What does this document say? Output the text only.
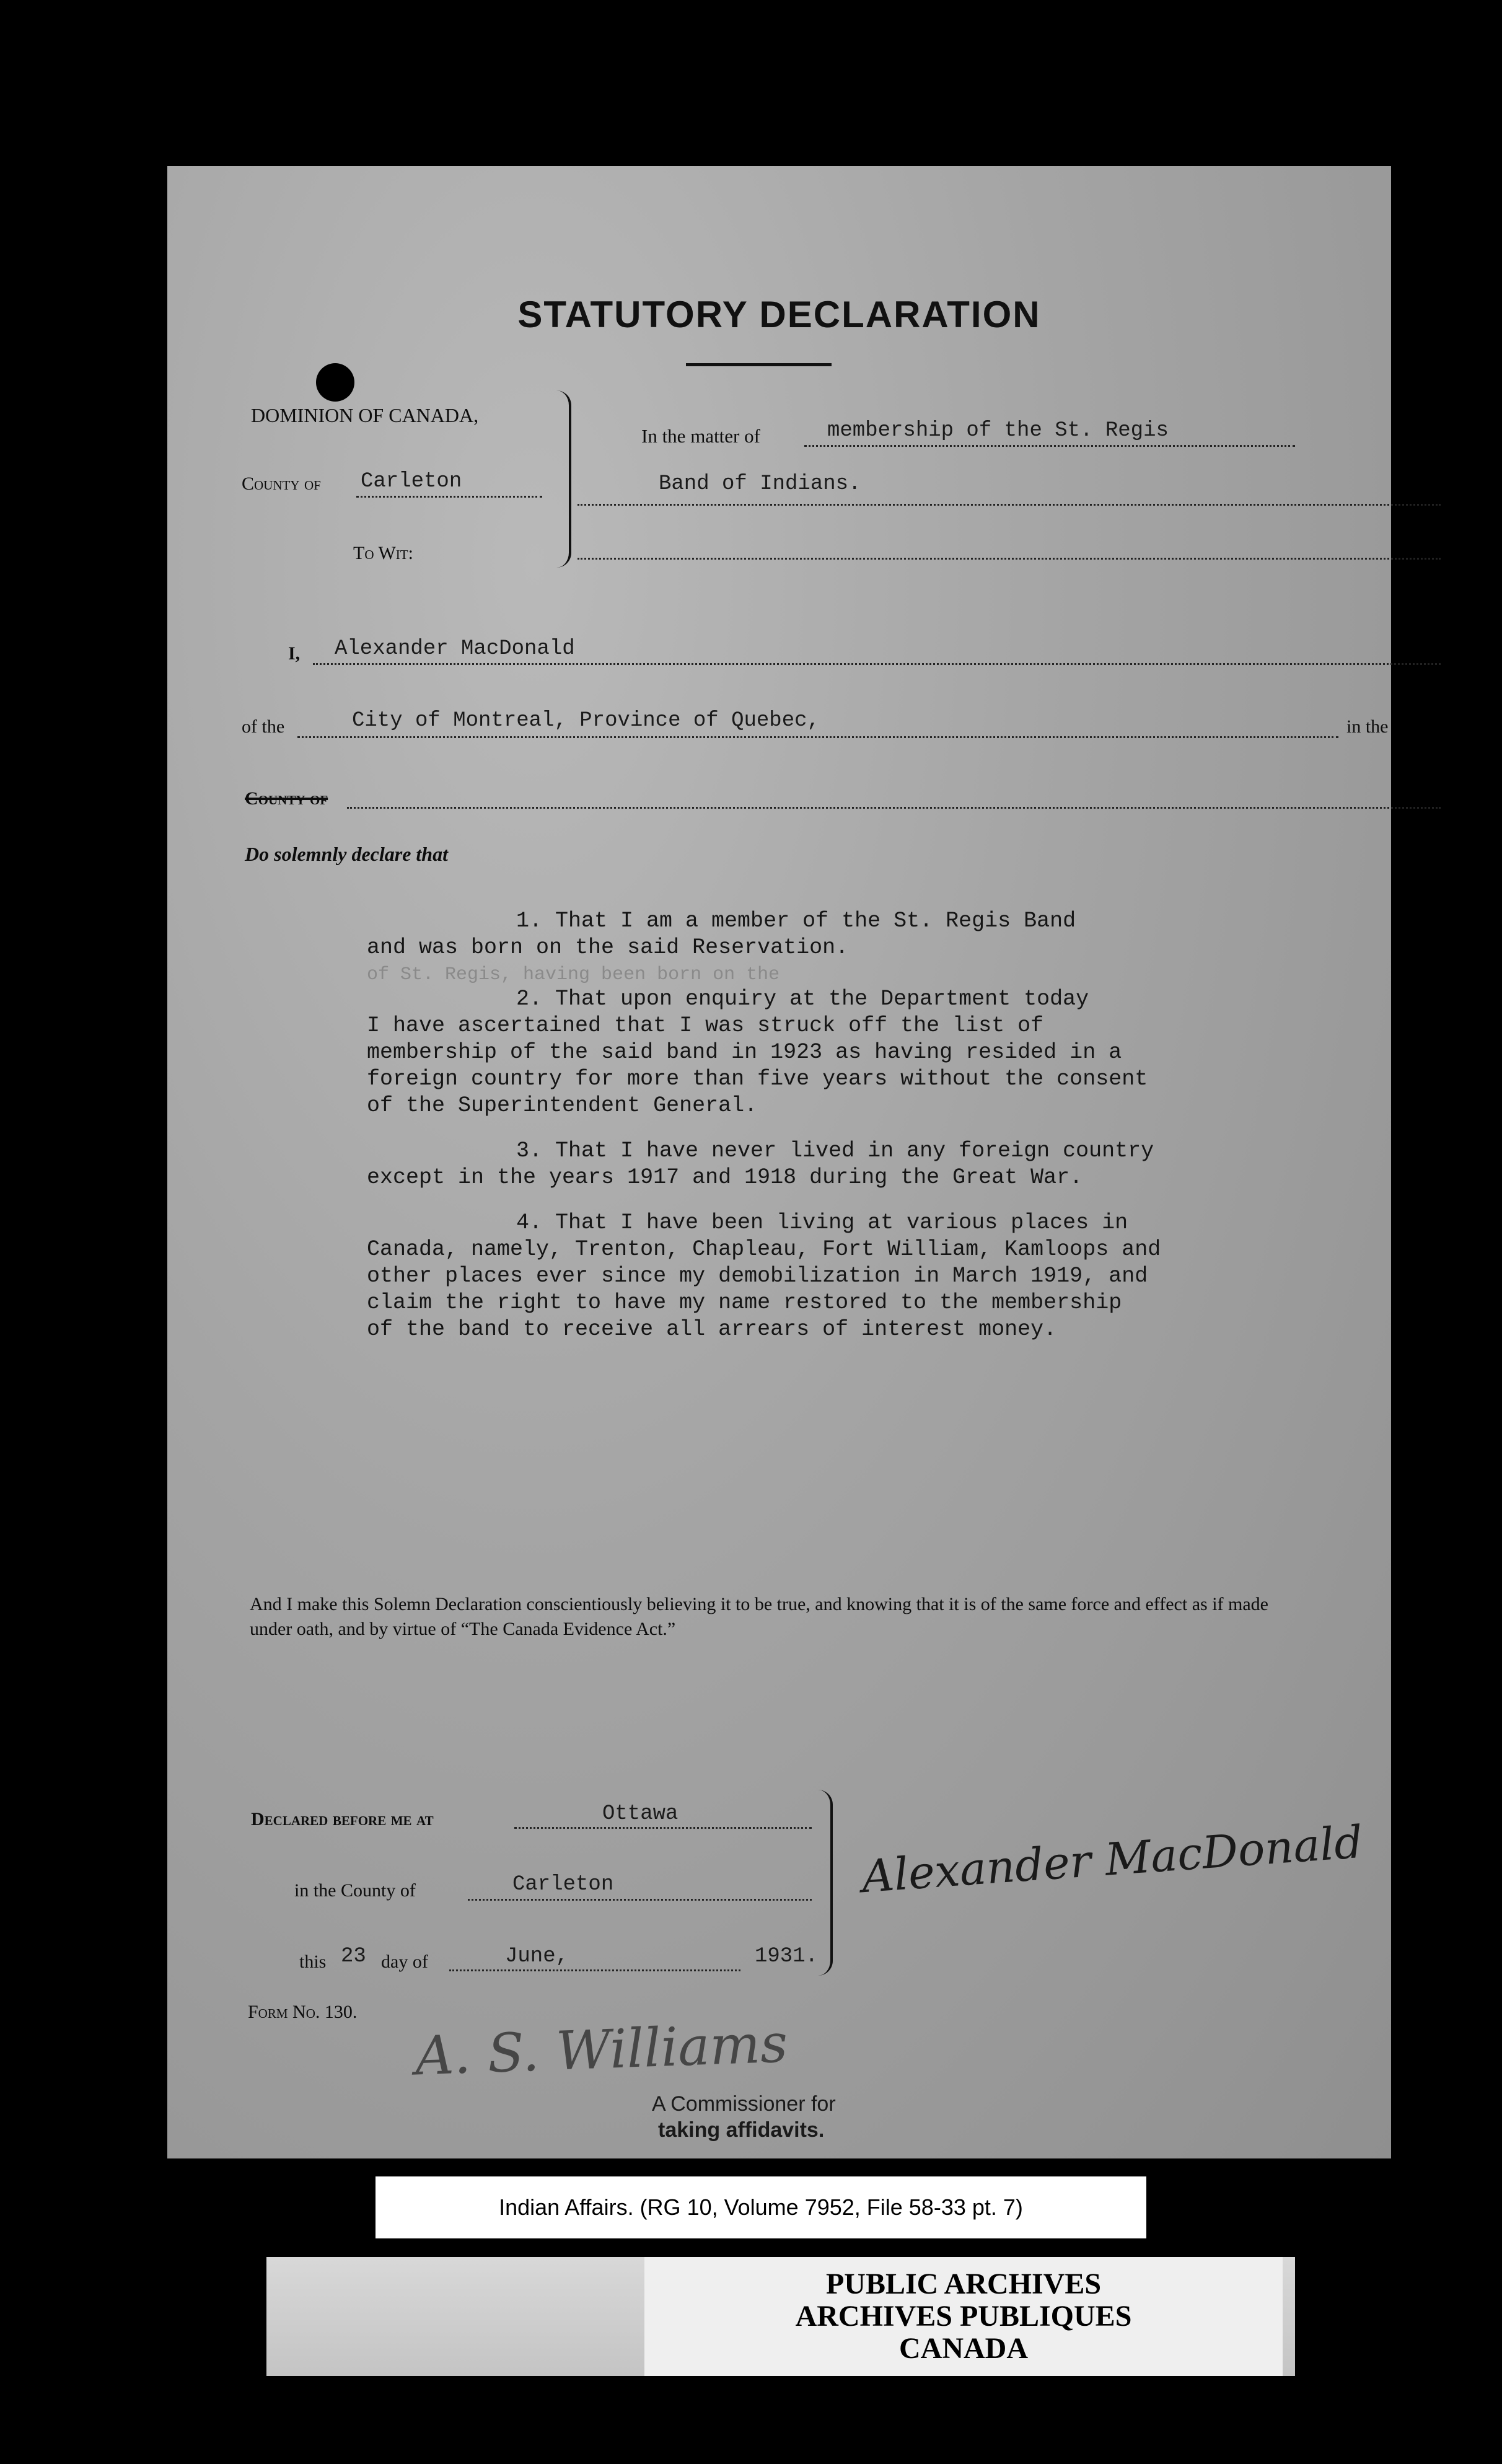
STATUTORY DECLARATION
DOMINION OF CANADA,
County of Carleton
To Wit:
In the matter of	membership of the St. Regis
Band of Indians.
I, Alexander MacDonald
of the	City of Montreal, Province of Quebec,	in the
County of
Do solemnly declare that
1. That I am a member of the St. Regis Band
and was born on the said Reservation.
of St. Regis, having been born on the
2. That upon enquiry at the Department today
I have ascertained that I was struck off the list of
membership of the said band in 1923 as having resided in a
foreign country for more than five years without the consent
of the Superintendent General.
3. That I have never lived in any foreign country
except in the years 1917 and 1918 during the Great War.
4. That I have been living at various places in
Canada, namely, Trenton, Chapleau, Fort William, Kamloops and
other places ever since my demobilization in March 1919, and
claim the right to have my name restored to the membership
of the band to receive all arrears of interest money.
And I make this Solemn Declaration conscientiously believing it to be true, and knowing that it is of the same force and effect as if made under oath, and by virtue of “The Canada Evidence Act.”
Declared before me at	Ottawa
in the County of	Carleton
this 23 day of	June,	1931.
Alexander MacDonald
Form No. 130.
A. S. Williams
A Commissioner for
taking affidavits.
Indian Affairs. (RG 10, Volume 7952, File 58-33 pt. 7)
PUBLIC ARCHIVES
ARCHIVES PUBLIQUES
CANADA
